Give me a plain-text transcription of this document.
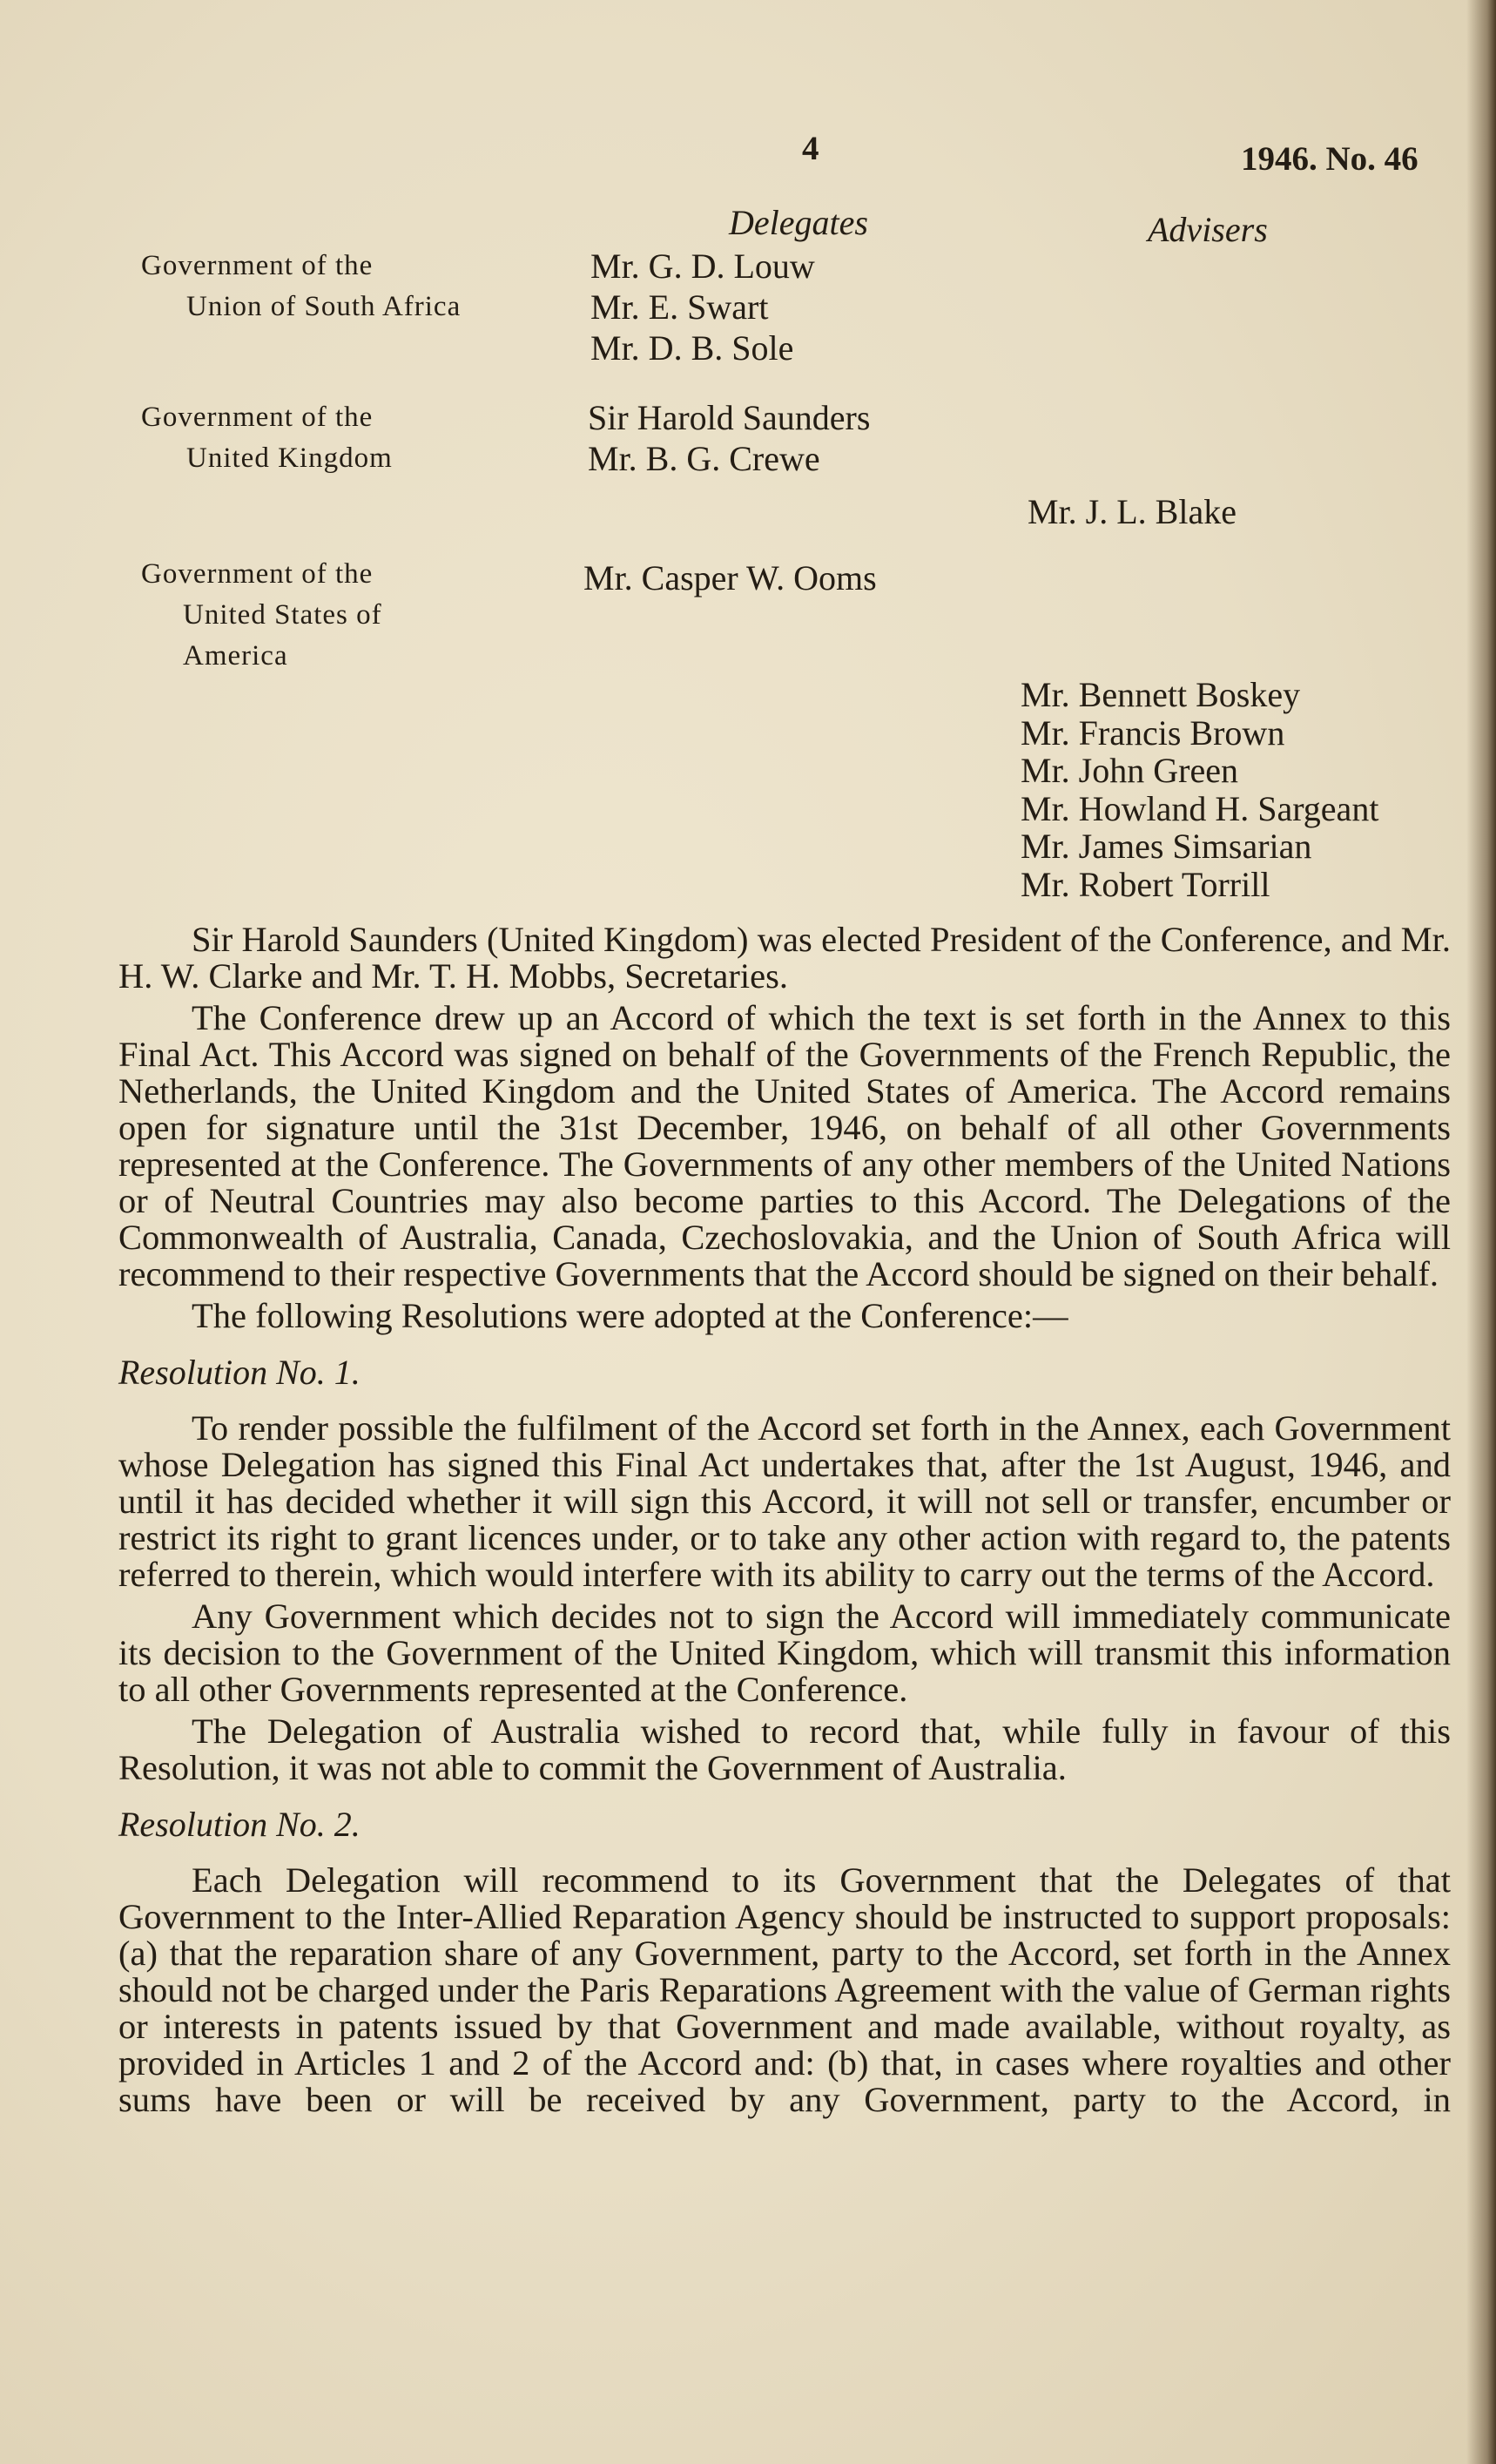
4	1946. No. 46
Delegates	Advisers
Government of the
Union of South Africa
Mr. G. D. Louw
Mr. E. Swart
Mr. D. B. Sole
Government of the
United Kingdom
Sir Harold Saunders
Mr. B. G. Crewe
Mr. J. L. Blake
Government of the
United States of
America
Mr. Casper W. Ooms
Mr. Bennett Boskey
Mr. Francis Brown
Mr. John Green
Mr. Howland H. Sargeant
Mr. James Simsarian
Mr. Robert Torrill

Sir Harold Saunders (United Kingdom) was elected President of the Conference, and Mr. H. W. Clarke and Mr. T. H. Mobbs, Secretaries.

The Conference drew up an Accord of which the text is set forth in the Annex to this Final Act. This Accord was signed on behalf of the Governments of the French Republic, the Netherlands, the United Kingdom and the United States of America. The Accord remains open for signature until the 31st December, 1946, on behalf of all other Governments represented at the Conference. The Governments of any other members of the United Nations or of Neutral Countries may also become parties to this Accord. The Delegations of the Commonwealth of Australia, Canada, Czechoslovakia, and the Union of South Africa will recommend to their respective Governments that the Accord should be signed on their behalf.

The following Resolutions were adopted at the Conference:—

Resolution No. 1.

To render possible the fulfilment of the Accord set forth in the Annex, each Government whose Delegation has signed this Final Act undertakes that, after the 1st August, 1946, and until it has decided whether it will sign this Accord, it will not sell or transfer, encumber or restrict its right to grant licences under, or to take any other action with regard to, the patents referred to therein, which would interfere with its ability to carry out the terms of the Accord.

Any Government which decides not to sign the Accord will immediately communicate its decision to the Government of the United Kingdom, which will transmit this information to all other Governments represented at the Conference.

The Delegation of Australia wished to record that, while fully in favour of this Resolution, it was not able to commit the Government of Australia.

Resolution No. 2.

Each Delegation will recommend to its Government that the Delegates of that Government to the Inter-Allied Reparation Agency should be instructed to support proposals: (a) that the reparation share of any Government, party to the Accord, set forth in the Annex should not be charged under the Paris Reparations Agreement with the value of German rights or interests in patents issued by that Government and made available, without royalty, as provided in Articles 1 and 2 of the Accord and: (b) that, in cases where royalties and other sums have been or will be received by any Government, party to the Accord, in
